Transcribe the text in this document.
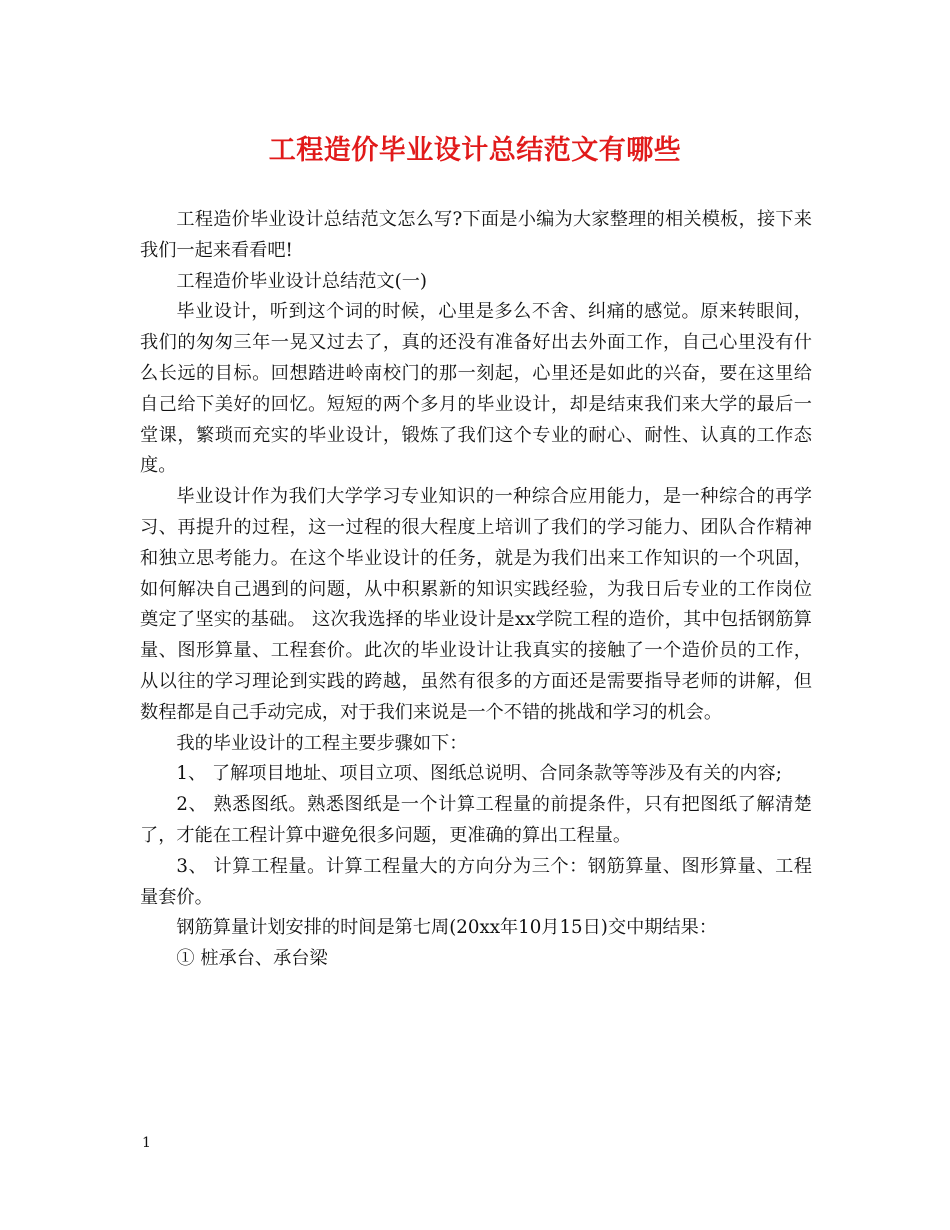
工程造价毕业设计总结范文有哪些

工程造价毕业设计总结范文怎么写?下面是小编为大家整理的相关模板，接下来我们一起来看看吧!

工程造价毕业设计总结范文(一)

毕业设计，听到这个词的时候，心里是多么不舍、纠痛的感觉。原来转眼间，我们的匆匆三年一晃又过去了，真的还没有准备好出去外面工作，自己心里没有什么长远的目标。回想踏进岭南校门的那一刻起，心里还是如此的兴奋，要在这里给自己给下美好的回忆。短短的两个多月的毕业设计，却是结束我们来大学的最后一堂课，繁琐而充实的毕业设计，锻炼了我们这个专业的耐心、耐性、认真的工作态度。

毕业设计作为我们大学学习专业知识的一种综合应用能力，是一种综合的再学习、再提升的过程，这一过程的很大程度上培训了我们的学习能力、团队合作精神和独立思考能力。在这个毕业设计的任务，就是为我们出来工作知识的一个巩固，如何解决自己遇到的问题，从中积累新的知识实践经验，为我日后专业的工作岗位奠定了坚实的基础。 这次我选择的毕业设计是xx学院工程的造价，其中包括钢筋算量、图形算量、工程套价。此次的毕业设计让我真实的接触了一个造价员的工作，从以往的学习理论到实践的跨越，虽然有很多的方面还是需要指导老师的讲解，但数程都是自己手动完成，对于我们来说是一个不错的挑战和学习的机会。

我的毕业设计的工程主要步骤如下：

1、 了解项目地址、项目立项、图纸总说明、合同条款等等涉及有关的内容;

2、 熟悉图纸。熟悉图纸是一个计算工程量的前提条件，只有把图纸了解清楚了，才能在工程计算中避免很多问题，更准确的算出工程量。

3、 计算工程量。计算工程量大的方向分为三个：钢筋算量、图形算量、工程量套价。

钢筋算量计划安排的时间是第七周(20xx年10月15日)交中期结果：

① 桩承台、承台梁

1
